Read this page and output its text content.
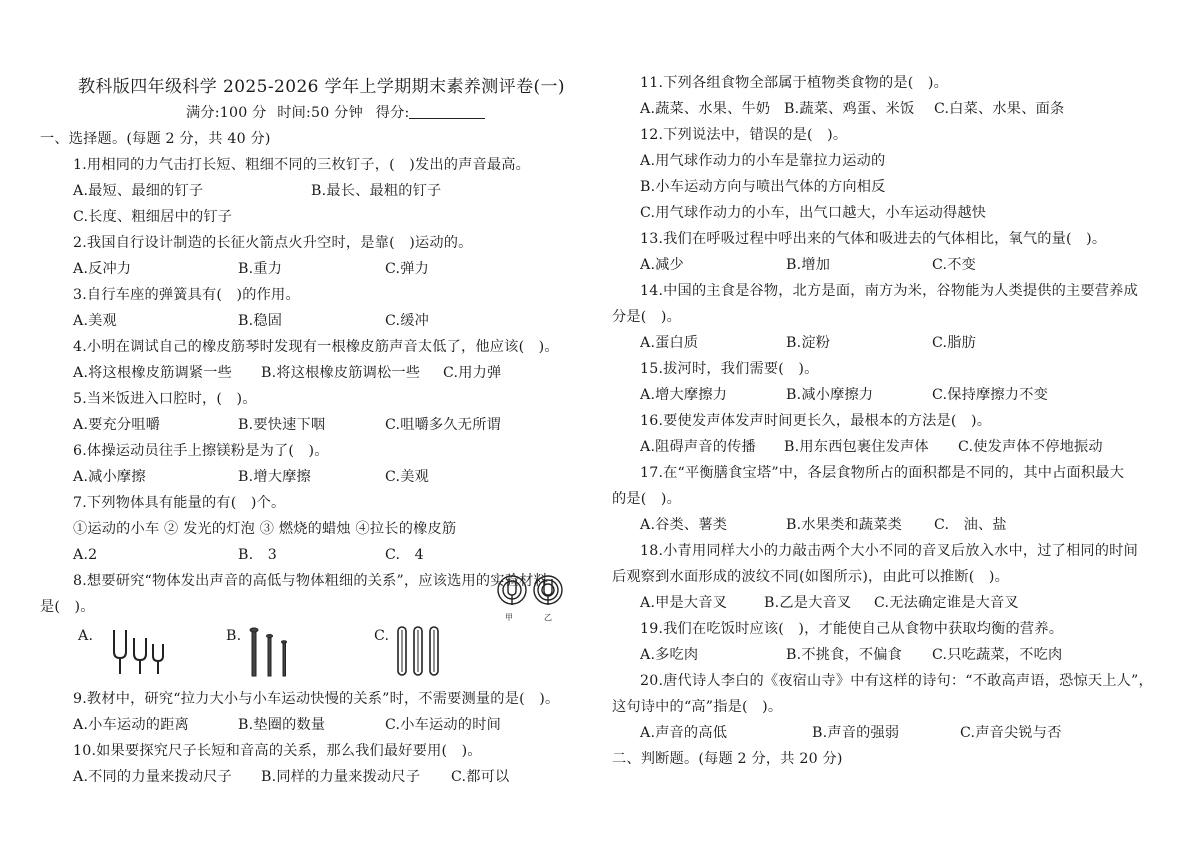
教科版四年级科学 2025-2026 学年上学期期末素养测评卷(一)
满分:100 分 时间:50 分钟 得分:
一、选择题。(每题 2 分，共 40 分)
1.用相同的力气击打长短、粗细不同的三枚钉子，(　)发出的声音最高。
A.最短、最细的钉子	B.最长、最粗的钉子
C.长度、粗细居中的钉子
2.我国自行设计制造的长征火箭点火升空时，是靠(　)运动的。
A.反冲力	B.重力	C.弹力
3.自行车座的弹簧具有(　)的作用。
A.美观	B.稳固	C.缓冲
4.小明在调试自己的橡皮筋琴时发现有一根橡皮筋声音太低了，他应该(　)。
A.将这根橡皮筋调紧一些 B.将这根橡皮筋调松一些 C.用力弹
5.当米饭进入口腔时，(　)。
A.要充分咀嚼	B.要快速下咽	C.咀嚼多久无所谓
6.体操运动员往手上擦镁粉是为了(　)。
A.减小摩擦	B.增大摩擦	C.美观
7.下列物体具有能量的有(　)个。
①运动的小车 ② 发光的灯泡 ③ 燃烧的蜡烛 ④拉长的橡皮筋
A.2	B.　3	C.　4
8.想要研究“物体发出声音的高低与物体粗细的关系”，应该选用的实验材料
是(　)。
A.	B.	C.
甲	乙
9.教材中，研究“拉力大小与小车运动快慢的关系”时，不需要测量的是(　)。
A.小车运动的距离	B.垫圈的数量	C.小车运动的时间
10.如果要探究尺子长短和音高的关系，那么我们最好要用(　)。
A.不同的力量来拨动尺子 B.同样的力量来拨动尺子 C.都可以
11.下列各组食物全部属于植物类食物的是(　)。
A.蔬菜、水果、牛奶 B.蔬菜、鸡蛋、米饭 C.白菜、水果、面条
12.下列说法中，错误的是(　)。
A.用气球作动力的小车是靠拉力运动的
B.小车运动方向与喷出气体的方向相反
C.用气球作动力的小车，出气口越大，小车运动得越快
13.我们在呼吸过程中呼出来的气体和吸进去的气体相比，氧气的量(　)。
A.减少	B.增加	C.不变
14.中国的主食是谷物，北方是面，南方为米，谷物能为人类提供的主要营养成
分是(　)。
A.蛋白质	B.淀粉	C.脂肪
15.拔河时，我们需要(　)。
A.增大摩擦力	B.减小摩擦力	C.保持摩擦力不变
16.要使发声体发声时间更长久，最根本的方法是(　)。
A.阻碍声音的传播 B.用东西包裹住发声体 C.使发声体不停地振动
17.在“平衡膳食宝塔”中，各层食物所占的面积都是不同的，其中占面积最大
的是(　)。
A.谷类、薯类	B.水果类和蔬菜类 C.　油、盐
18.小青用同样大小的力敲击两个大小不同的音叉后放入水中，过了相同的时间
后观察到水面形成的波纹不同(如图所示)，由此可以推断(　)。
A.甲是大音叉	B.乙是大音叉 C.无法确定谁是大音叉
19.我们在吃饭时应该(　)，才能使自己从食物中获取均衡的营养。
A.多吃肉	B.不挑食，不偏食 C.只吃蔬菜，不吃肉
20.唐代诗人李白的《夜宿山寺》中有这样的诗句：“不敢高声语，恐惊天上人”，
这句诗中的“高”指是(　)。
A.声音的高低	B.声音的强弱	C.声音尖锐与否
二、判断题。(每题 2 分，共 20 分)
